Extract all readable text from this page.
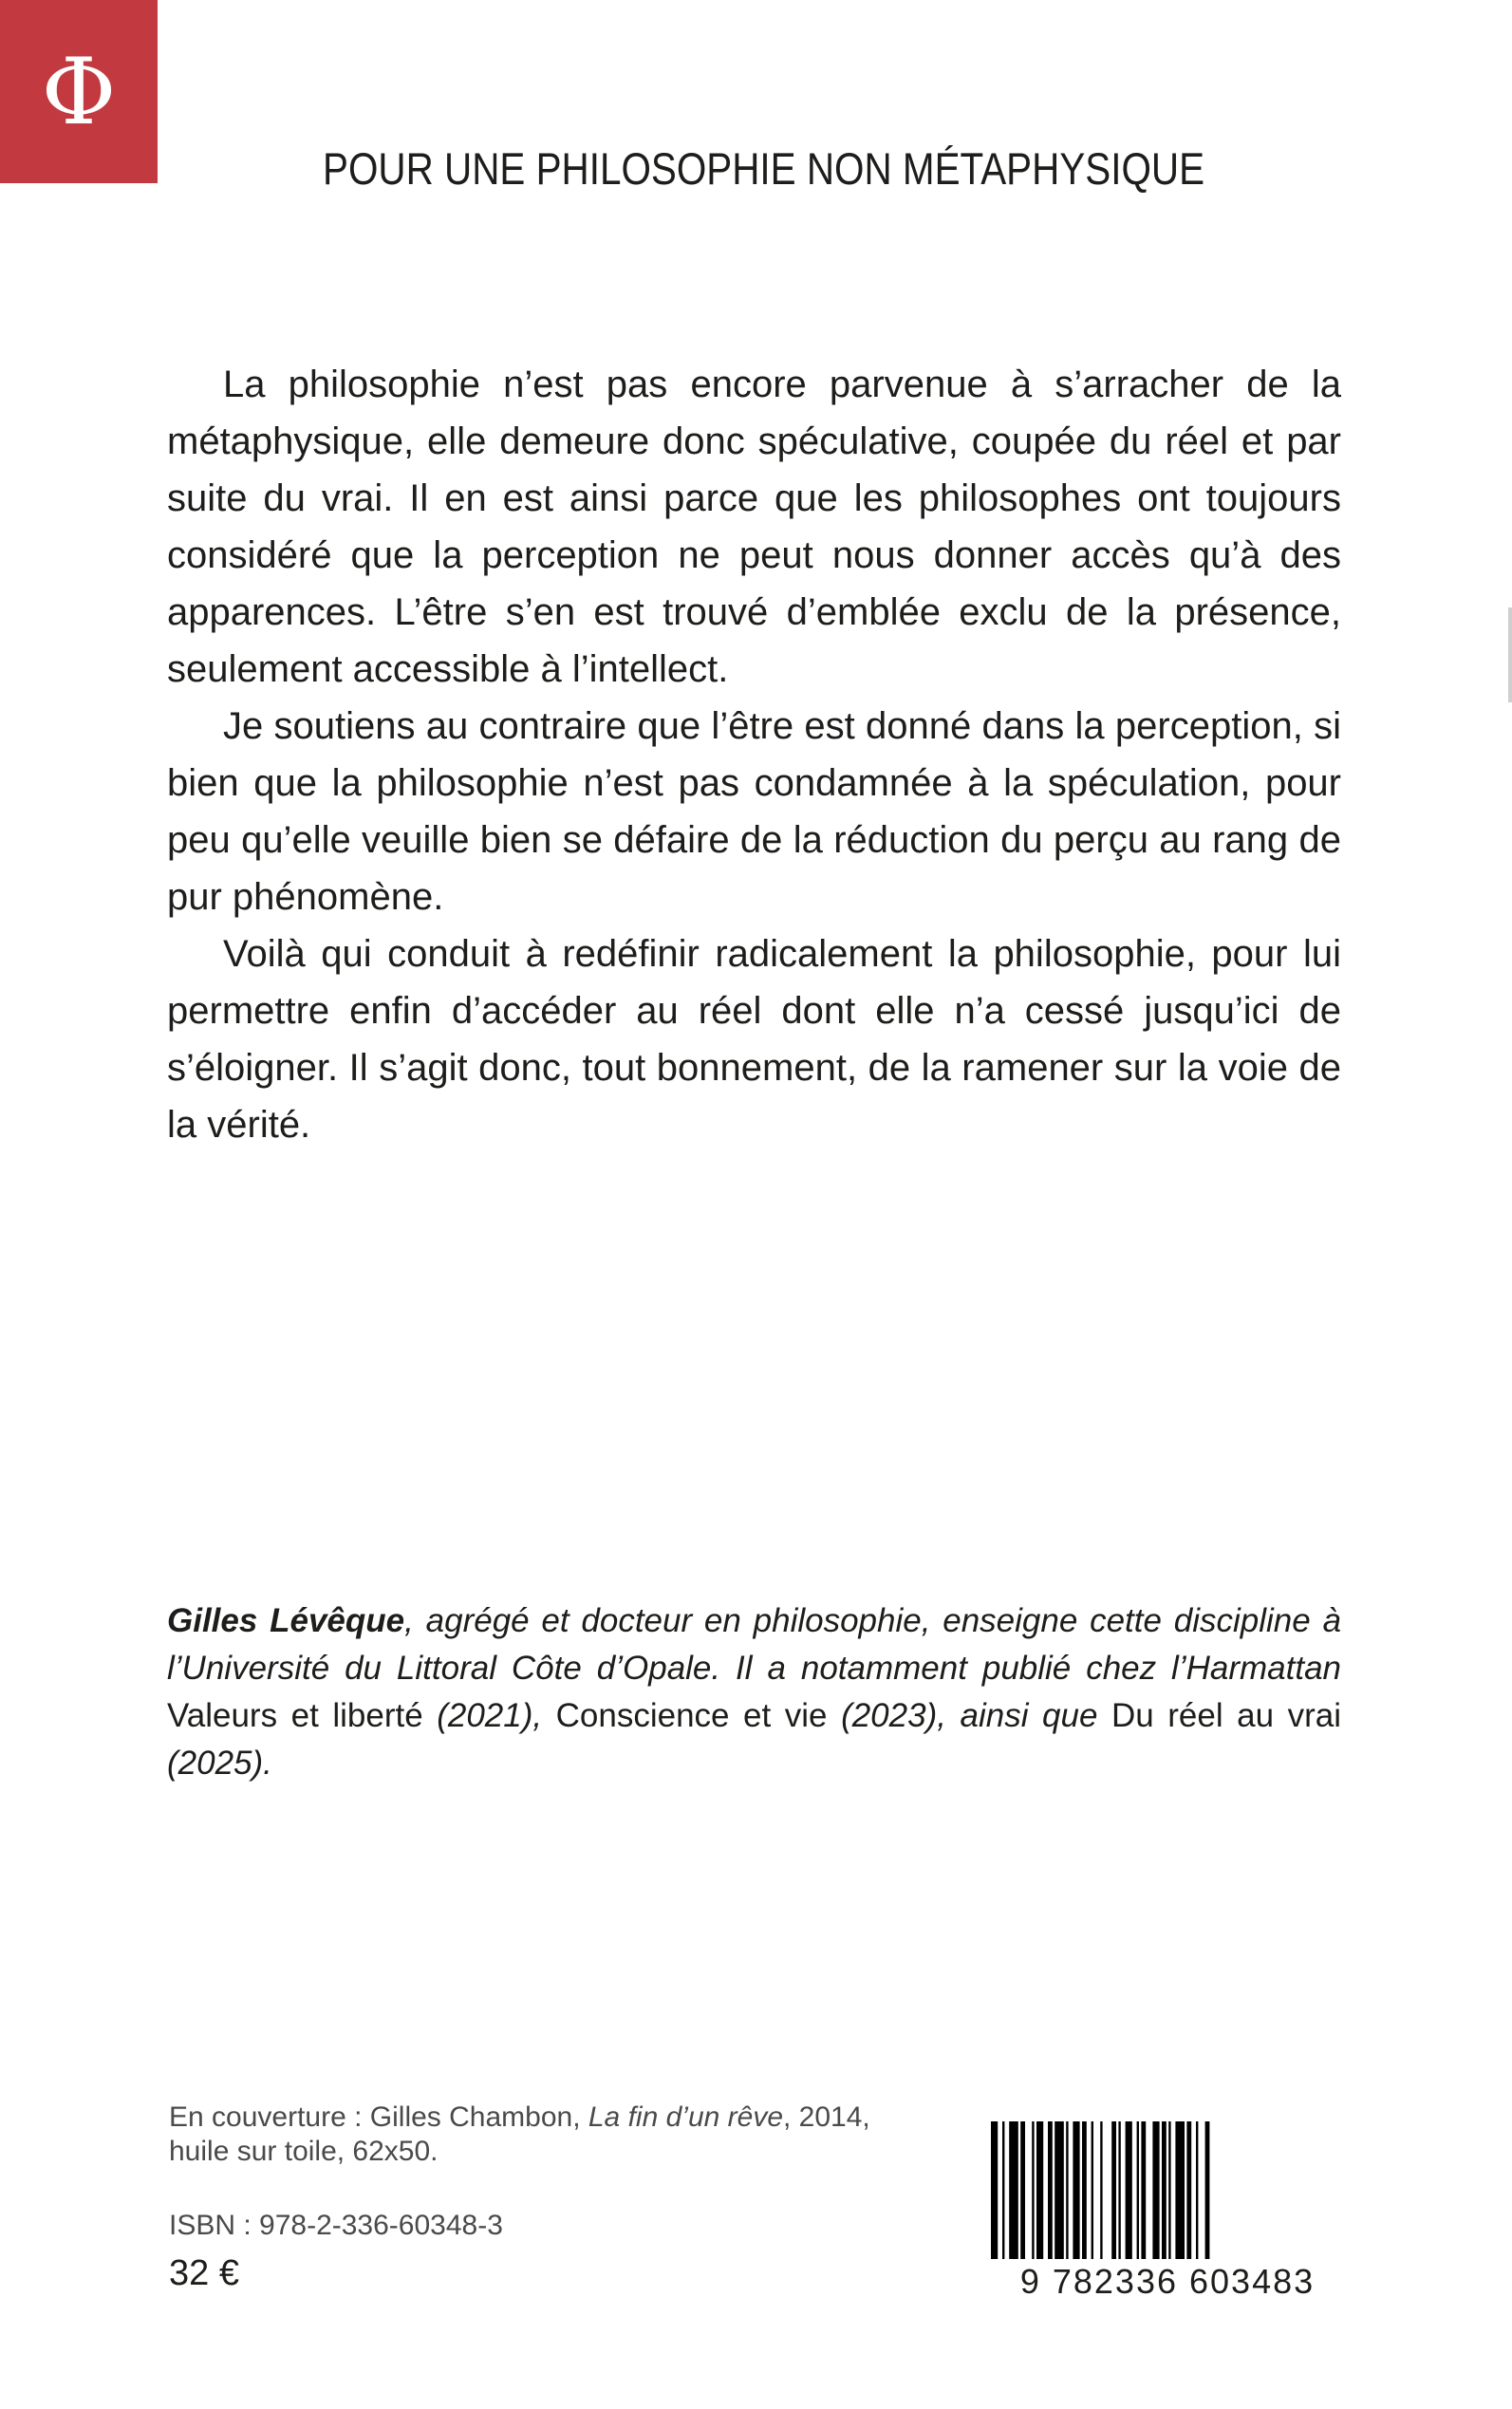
Φ
POUR UNE PHILOSOPHIE NON MÉTAPHYSIQUE

La philosophie n’est pas encore parvenue à s’arracher de la métaphysique, elle demeure donc spéculative, coupée du réel et par suite du vrai. Il en est ainsi parce que les philosophes ont toujours considéré que la perception ne peut nous donner accès qu’à des apparences. L’être s’en est trouvé d’emblée exclu de la présence, seulement accessible à l’intellect.

Je soutiens au contraire que l’être est donné dans la perception, si bien que la philosophie n’est pas condamnée à la spéculation, pour peu qu’elle veuille bien se défaire de la réduction du perçu au rang de pur phénomène.

Voilà qui conduit à redéfinir radicalement la philosophie, pour lui permettre enfin d’accéder au réel dont elle n’a cessé jusqu’ici de s’éloigner. Il s’agit donc, tout bonnement, de la ramener sur la voie de la vérité.

Gilles Lévêque, agrégé et docteur en philosophie, enseigne cette discipline à l’Université du Littoral Côte d’Opale. Il a notamment publié chez l’Harmattan Valeurs et liberté (2021), Conscience et vie (2023), ainsi que Du réel au vrai (2025).
En couverture : Gilles Chambon, La fin d’un rêve, 2014, huile sur toile, 62x50.
ISBN : 978-2-336-60348-3
32 €	9 782336 603483
